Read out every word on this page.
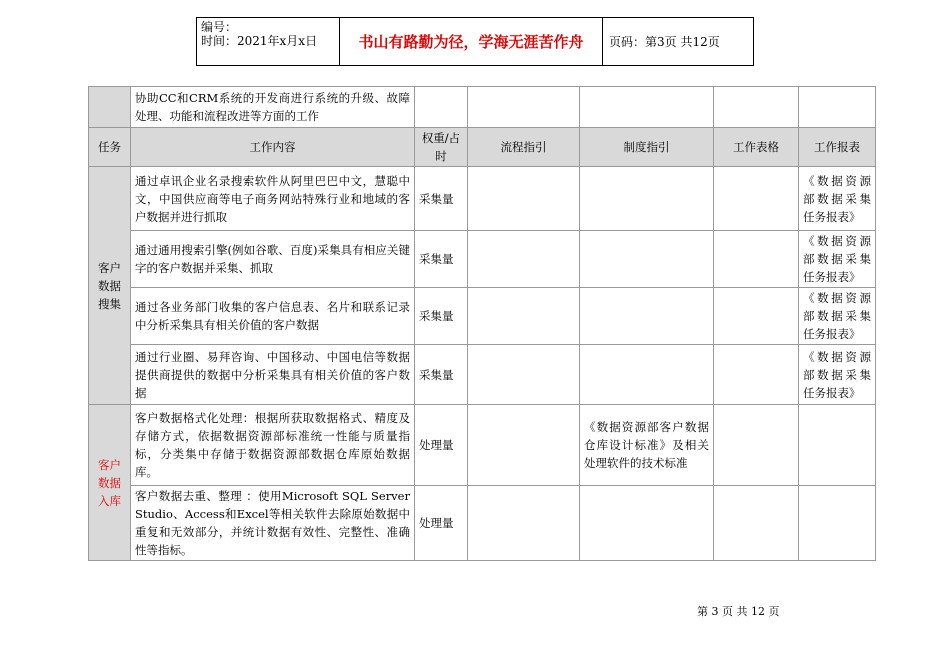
编号：
时间：2021年x月x日	书山有路勤为径，学海无涯苦作舟	页码：第3页 共12页
	协助CC和CRM系统的开发商进行系统的升级、故障处理、功能和流程改进等方面的工作					
任务	工作内容	权重/占时	流程指引	制度指引	工作表格	工作报表
客户数据搜集	通过卓讯企业名录搜索软件从阿里巴巴中文，慧聪中文，中国供应商等电子商务网站特殊行业和地域的客户数据并进行抓取	采集量				《数据资源部数据采集任务报表》
	通过通用搜索引擎(例如谷歌、百度)采集具有相应关键字的客户数据并采集、抓取	采集量				《数据资源部数据采集任务报表》
	通过各业务部门收集的客户信息表、名片和联系记录中分析采集具有相关价值的客户数据	采集量				《数据资源部数据采集任务报表》
	通过行业圈、易拜咨询、中国移动、中国电信等数据提供商提供的数据中分析采集具有相关价值的客户数据	采集量				《数据资源部数据采集任务报表》
客户数据入库	客户数据格式化处理：根据所获取数据格式、精度及存储方式，依据数据资源部标准统一性能与质量指标，分类集中存储于数据资源部数据仓库原始数据库。	处理量		《数据资源部客户数据仓库设计标准》及相关处理软件的技术标准		
	客户数据去重、整理 ：使用Microsoft SQL Server Studio、Access和Excel等相关软件去除原始数据中重复和无效部分，并统计数据有效性、完整性、准确性等指标。	处理量				
第 3 页 共 12 页
